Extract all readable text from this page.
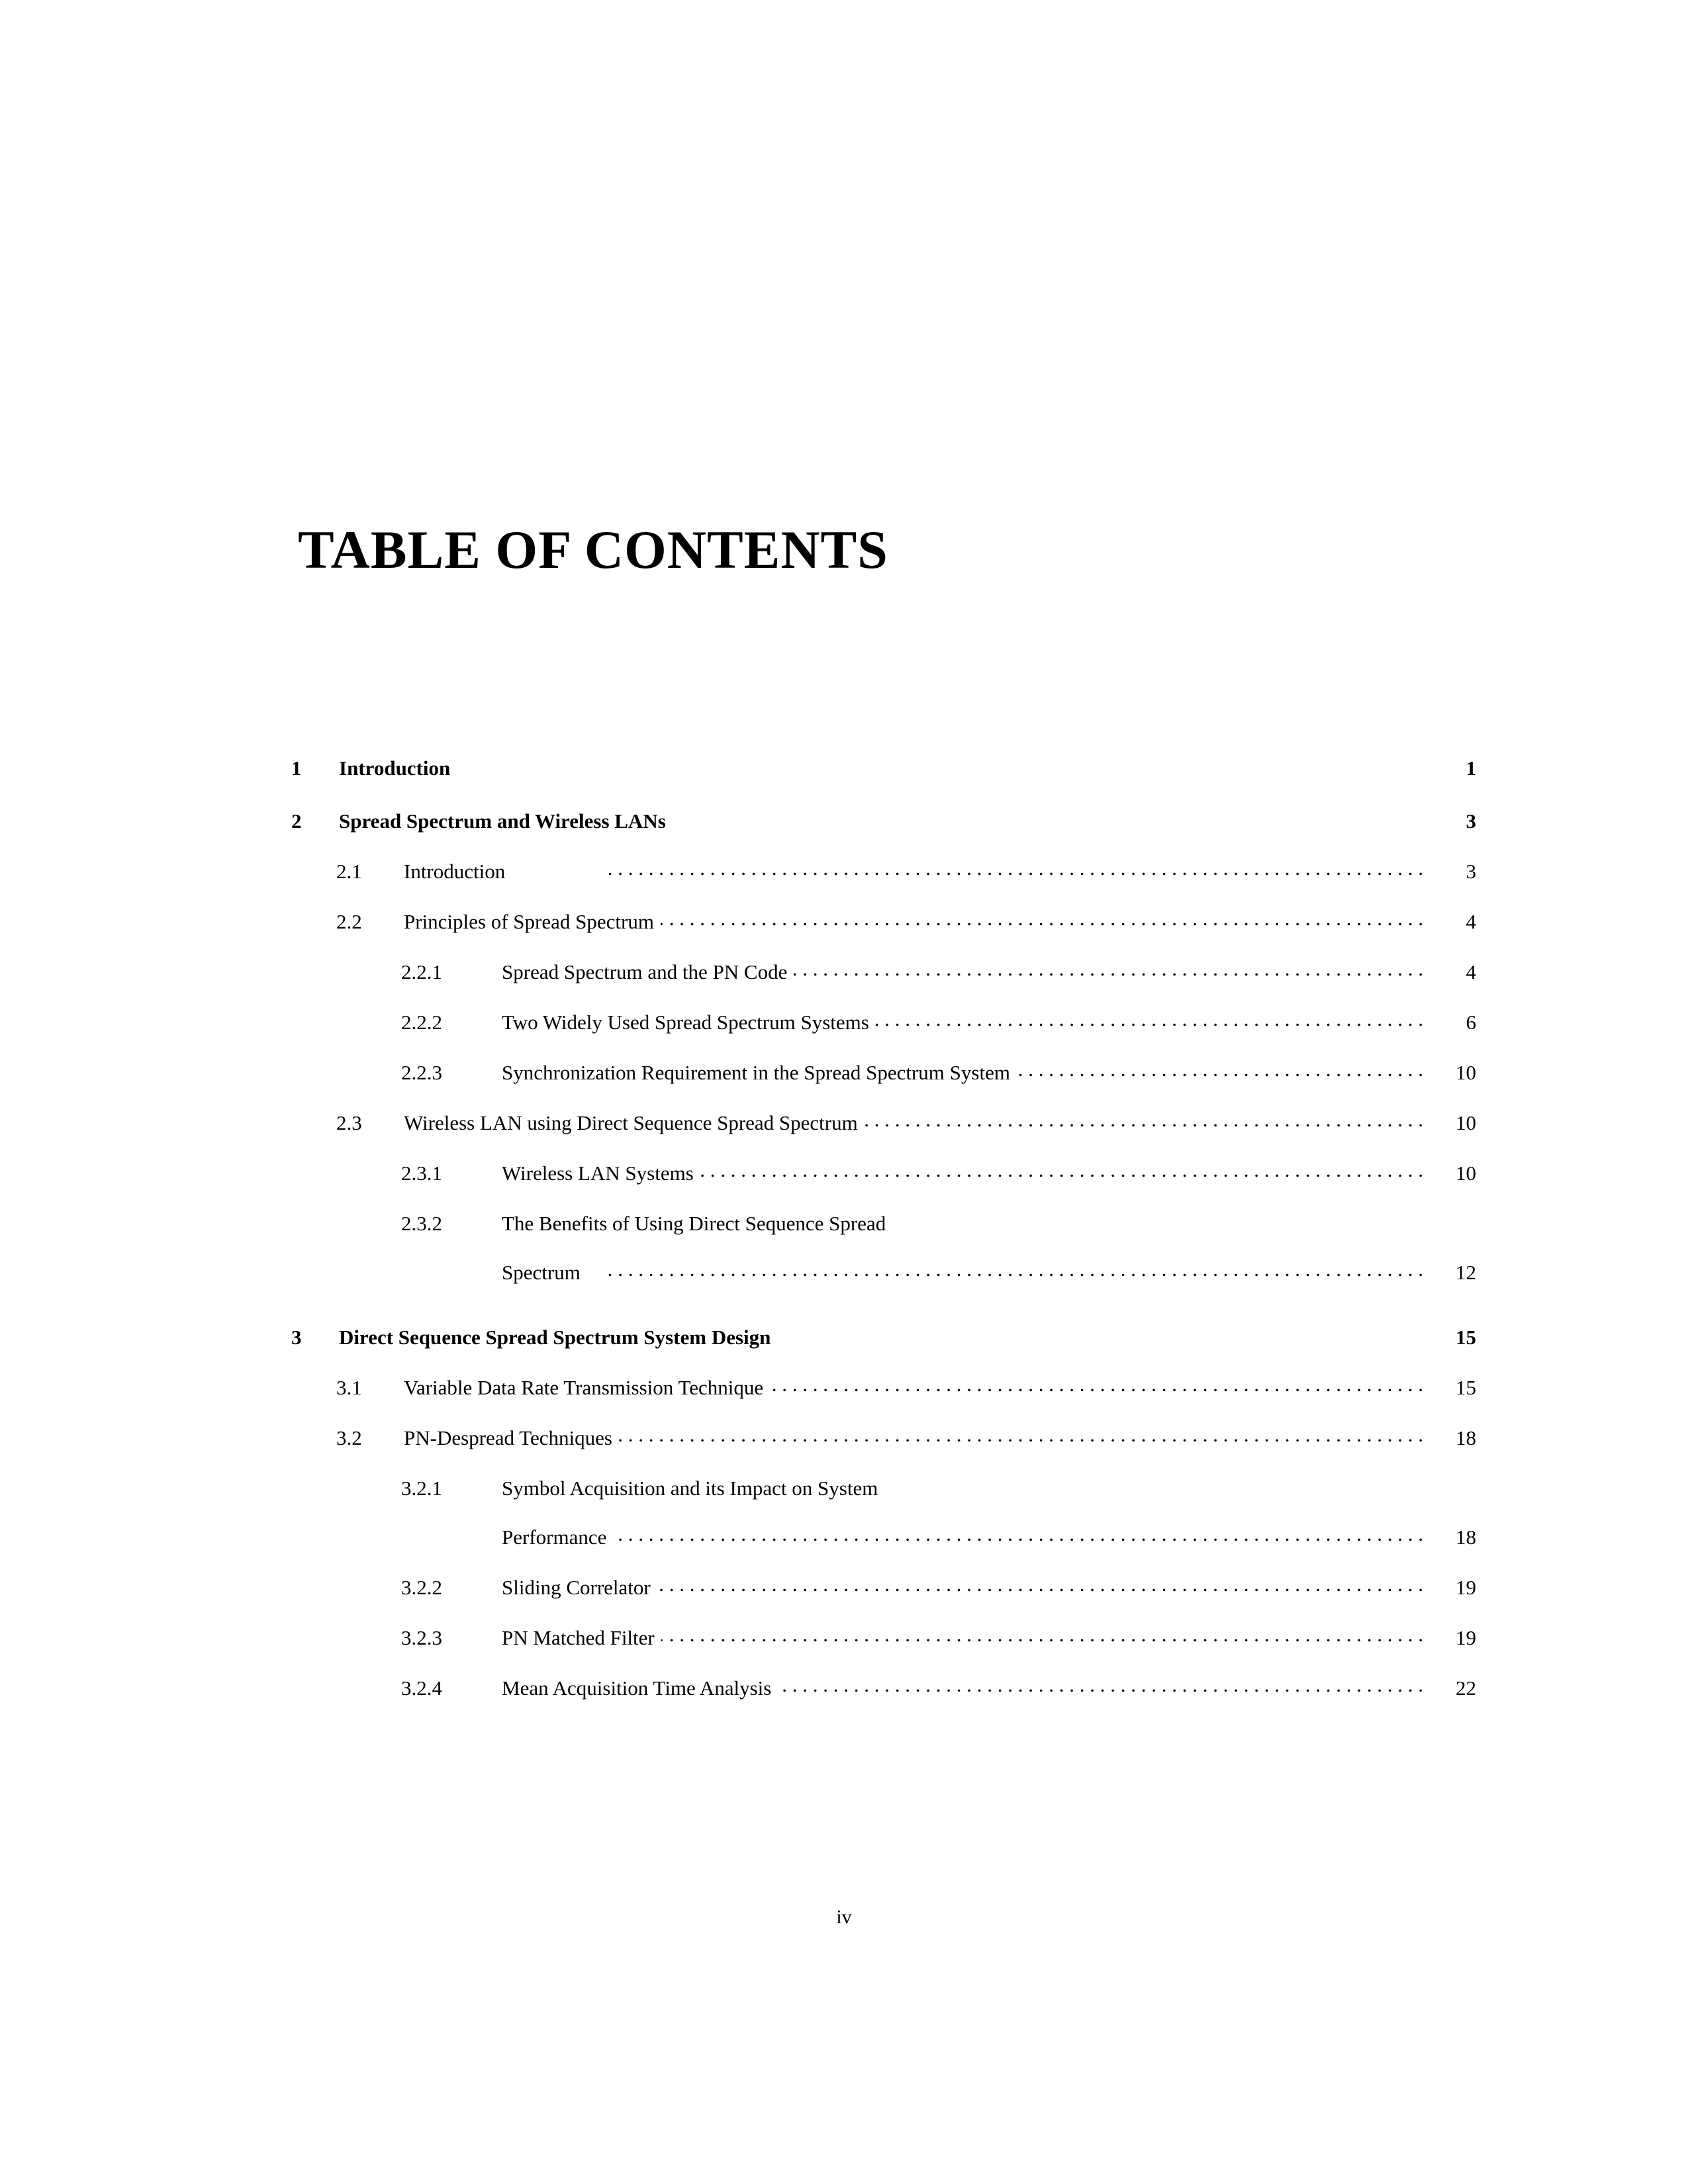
TABLE OF CONTENTS
1	Introduction	1
2	Spread Spectrum and Wireless LANs	3
2.1	Introduction . . .	3
2.2	Principles of Spread Spectrum . . .	4
2.2.1	Spread Spectrum and the PN Code . . .	4
2.2.2	Two Widely Used Spread Spectrum Systems . . .	6
2.2.3	Synchronization Requirement in the Spread Spectrum System . . .	10
2.3	Wireless LAN using Direct Sequence Spread Spectrum . . .	10
2.3.1	Wireless LAN Systems . . .	10
2.3.2	The Benefits of Using Direct Sequence Spread
Spectrum . . .	12
3	Direct Sequence Spread Spectrum System Design	15
3.1	Variable Data Rate Transmission Technique . . .	15
3.2	PN-Despread Techniques . . .	18
3.2.1	Symbol Acquisition and its Impact on System
Performance . . .	18
3.2.2	Sliding Correlator . . .	19
3.2.3	PN Matched Filter . . .	19
3.2.4	Mean Acquisition Time Analysis . . .	22
iv
